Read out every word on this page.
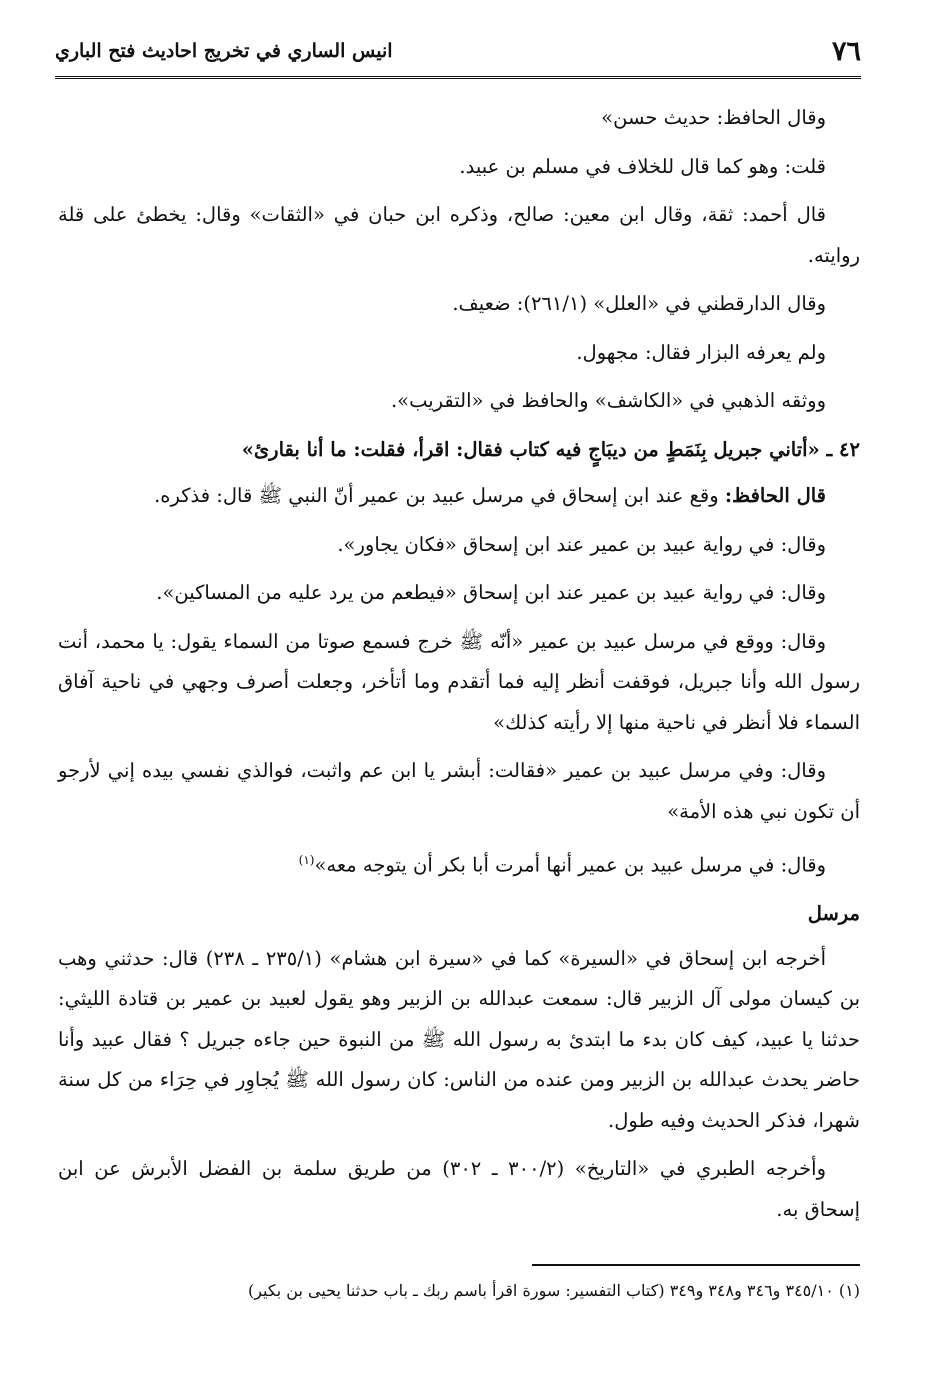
٧٦
انيس الساري في تخريج احاديث فتح الباري

وقال الحافظ: حديث حسن»

قلت: وهو كما قال للخلاف في مسلم بن عبيد.

قال أحمد: ثقة، وقال ابن معين: صالح، وذكره ابن حبان في «الثقات» وقال: يخطئ على قلة روايته.

وقال الدارقطني في «العلل» (٢٦١/١): ضعيف.

ولم يعرفه البزار فقال: مجهول.

ووثقه الذهبي في «الكاشف» والحافظ في «التقريب».

٤٢ ـ «أتاني جبريل بِنَمَطٍ من ديبَاجٍ فيه كتاب فقال: اقرأ، فقلت: ما أنا بقارئ»

قال الحافظ: وقع عند ابن إسحاق في مرسل عبيد بن عمير أنّ النبي ﷺ قال: فذكره.

وقال: في رواية عبيد بن عمير عند ابن إسحاق «فكان يجاور».

وقال: في رواية عبيد بن عمير عند ابن إسحاق «فيطعم من يرد عليه من المساكين».

وقال: ووقع في مرسل عبيد بن عمير «أنّه ﷺ خرج فسمع صوتا من السماء يقول: يا محمد، أنت رسول الله وأنا جبريل، فوقفت أنظر إليه فما أتقدم وما أتأخر، وجعلت أصرف وجهي في ناحية آفاق السماء فلا أنظر في ناحية منها إلا رأيته كذلك»

وقال: وفي مرسل عبيد بن عمير «فقالت: أبشر يا ابن عم واثبت، فوالذي نفسي بيده إني لأرجو أن تكون نبي هذه الأمة»

وقال: في مرسل عبيد بن عمير أنها أمرت أبا بكر أن يتوجه معه»$^{(١)}$

مرسل

أخرجه ابن إسحاق في «السيرة» كما في «سيرة ابن هشام» (٢٣٥/١ ـ ٢٣٨) قال: حدثني وهب بن كيسان مولى آل الزبير قال: سمعت عبدالله بن الزبير وهو يقول لعبيد بن عمير بن قتادة الليثي: حدثنا يا عبيد، كيف كان بدء ما ابتدئ به رسول الله ﷺ من النبوة حين جاءه جبريل ؟ فقال عبيد وأنا حاضر يحدث عبدالله بن الزبير ومن عنده من الناس: كان رسول الله ﷺ يُجاوِر في حِرَاء من كل سنة شهرا، فذكر الحديث وفيه طول.

وأخرجه الطبري في «التاريخ» (٣٠٠/٢ ـ ٣٠٢) من طريق سلمة بن الفضل الأبرش عن ابن إسحاق به.

(١) ٣٤٥/١٠ و٣٤٦ و٣٤٨ و٣٤٩ (كتاب التفسير: سورة اقرأ باسم ربك ـ باب حدثنا يحيى بن بكير)
